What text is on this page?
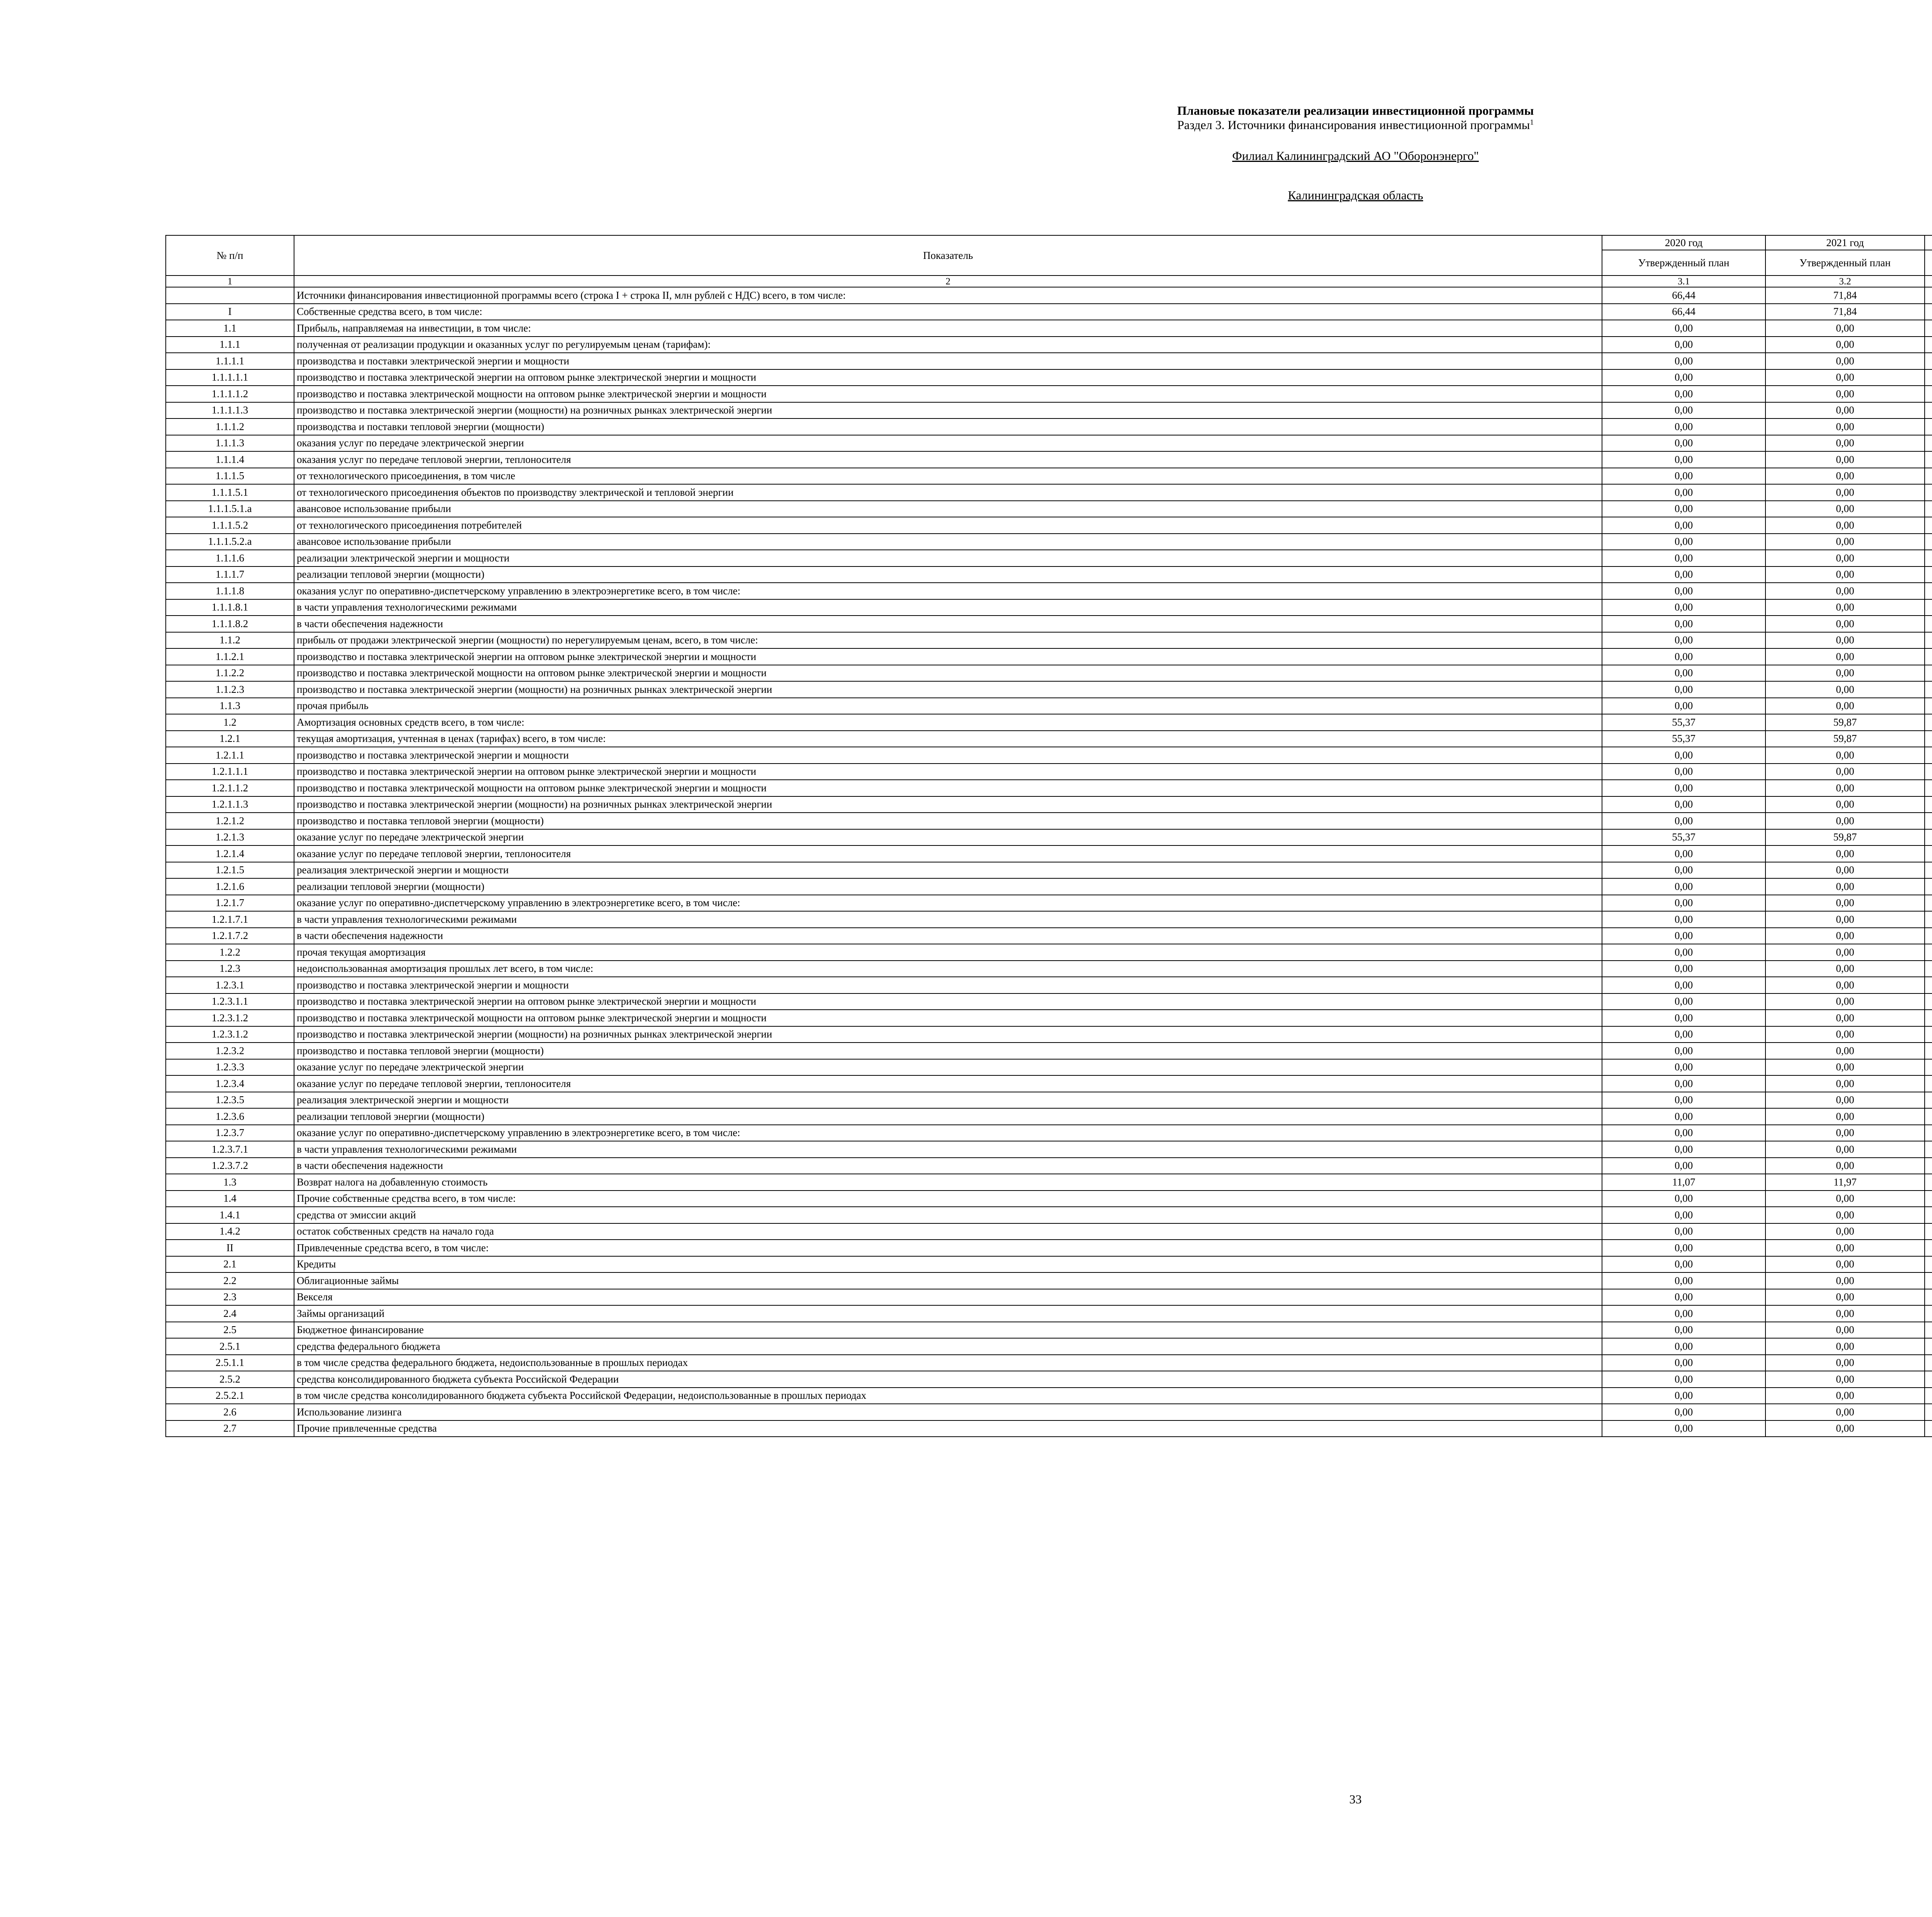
Плановые показатели реализации инвестиционной программы
Раздел 3. Источники финансирования инвестиционной программы$^1$
Филиал Калининградский АО "Оборонэнерго"
Калининградская область
№ п/п	Показатель	2020 год	2021 год				
		Утвержденный план	Утвержденный план				
1	2	3.1	3.2				
	Источники финансирования инвестиционной программы всего (строка I + строка II, млн рублей с НДС) всего, в том числе:	66,44	71,84				
I	Собственные средства всего, в том числе:	66,44	71,84				
1.1	Прибыль, направляемая на инвестиции, в том числе:	0,00	0,00				
1.1.1	полученная от реализации продукции и оказанных услуг по регулируемым ценам (тарифам):	0,00	0,00				
1.1.1.1	производства и поставки электрической энергии и мощности	0,00	0,00				
1.1.1.1.1	производство и поставка электрической энергии на оптовом рынке электрической энергии и мощности	0,00	0,00				
1.1.1.1.2	производство и поставка электрической мощности на оптовом рынке электрической энергии и мощности	0,00	0,00				
1.1.1.1.3	производство и поставка электрической энергии (мощности) на розничных рынках электрической энергии	0,00	0,00				
1.1.1.2	производства и поставки тепловой энергии (мощности)	0,00	0,00				
1.1.1.3	оказания услуг по передаче электрической энергии	0,00	0,00				
1.1.1.4	оказания услуг по передаче тепловой энергии, теплоносителя	0,00	0,00				
1.1.1.5	от технологического присоединения, в том числе	0,00	0,00				
1.1.1.5.1	от технологического присоединения объектов по производству электрической и тепловой энергии	0,00	0,00				
1.1.1.5.1.a	авансовое использование прибыли	0,00	0,00				
1.1.1.5.2	от технологического присоединения потребителей	0,00	0,00				
1.1.1.5.2.a	авансовое использование прибыли	0,00	0,00				
1.1.1.6	реализации электрической энергии и мощности	0,00	0,00				
1.1.1.7	реализации тепловой энергии (мощности)	0,00	0,00				
1.1.1.8	оказания услуг по оперативно-диспетчерскому управлению в электроэнергетике всего, в том числе:	0,00	0,00				
1.1.1.8.1	в части управления технологическими режимами	0,00	0,00				
1.1.1.8.2	в части обеспечения надежности	0,00	0,00				
1.1.2	прибыль от продажи электрической энергии (мощности) по нерегулируемым ценам, всего, в том числе:	0,00	0,00				
1.1.2.1	производство и поставка электрической энергии на оптовом рынке электрической энергии и мощности	0,00	0,00				
1.1.2.2	производство и поставка электрической мощности на оптовом рынке электрической энергии и мощности	0,00	0,00				
1.1.2.3	производство и поставка электрической энергии (мощности) на розничных рынках электрической энергии	0,00	0,00				
1.1.3	прочая прибыль	0,00	0,00				
1.2	Амортизация основных средств всего, в том числе:	55,37	59,87				
1.2.1	текущая амортизация, учтенная в ценах (тарифах) всего, в том числе:	55,37	59,87				
1.2.1.1	производство и поставка электрической энергии и мощности	0,00	0,00				
1.2.1.1.1	производство и поставка электрической энергии на оптовом рынке электрической энергии и мощности	0,00	0,00				
1.2.1.1.2	производство и поставка электрической мощности на оптовом рынке электрической энергии и мощности	0,00	0,00				
1.2.1.1.3	производство и поставка электрической энергии (мощности) на розничных рынках электрической энергии	0,00	0,00				
1.2.1.2	производство и поставка тепловой энергии (мощности)	0,00	0,00				
1.2.1.3	оказание услуг по передаче электрической энергии	55,37	59,87				
1.2.1.4	оказание услуг по передаче тепловой энергии, теплоносителя	0,00	0,00				
1.2.1.5	реализация электрической энергии и мощности	0,00	0,00				
1.2.1.6	реализации тепловой энергии (мощности)	0,00	0,00				
1.2.1.7	оказание услуг по оперативно-диспетчерскому управлению в электроэнергетике всего, в том числе:	0,00	0,00				
1.2.1.7.1	в части управления технологическими режимами	0,00	0,00				
1.2.1.7.2	в части обеспечения надежности	0,00	0,00				
1.2.2	прочая текущая амортизация	0,00	0,00				
1.2.3	недоиспользованная амортизация прошлых лет всего, в том числе:	0,00	0,00				
1.2.3.1	производство и поставка электрической энергии и мощности	0,00	0,00				
1.2.3.1.1	производство и поставка электрической энергии на оптовом рынке электрической энергии и мощности	0,00	0,00				
1.2.3.1.2	производство и поставка электрической мощности на оптовом рынке электрической энергии и мощности	0,00	0,00				
1.2.3.1.2	производство и поставка электрической энергии (мощности) на розничных рынках электрической энергии	0,00	0,00				
1.2.3.2	производство и поставка тепловой энергии (мощности)	0,00	0,00				
1.2.3.3	оказание услуг по передаче электрической энергии	0,00	0,00				
1.2.3.4	оказание услуг по передаче тепловой энергии, теплоносителя	0,00	0,00				
1.2.3.5	реализация электрической энергии и мощности	0,00	0,00				
1.2.3.6	реализации тепловой энергии (мощности)	0,00	0,00				
1.2.3.7	оказание услуг по оперативно-диспетчерскому управлению в электроэнергетике всего, в том числе:	0,00	0,00				
1.2.3.7.1	в части управления технологическими режимами	0,00	0,00				
1.2.3.7.2	в части обеспечения надежности	0,00	0,00				
1.3	Возврат налога на добавленную стоимость	11,07	11,97				
1.4	Прочие собственные средства всего, в том числе:	0,00	0,00				
1.4.1	средства от эмиссии акций	0,00	0,00				
1.4.2	остаток собственных средств на начало года	0,00	0,00				
II	Привлеченные средства всего, в том числе:	0,00	0,00				
2.1	Кредиты	0,00	0,00				
2.2	Облигационные займы	0,00	0,00				
2.3	Векселя	0,00	0,00				
2.4	Займы организаций	0,00	0,00				
2.5	Бюджетное финансирование	0,00	0,00				
2.5.1	средства федерального бюджета	0,00	0,00				
2.5.1.1	в том числе средства федерального бюджета, недоиспользованные в прошлых периодах	0,00	0,00				
2.5.2	средства консолидированного бюджета субъекта Российской Федерации	0,00	0,00				
2.5.2.1	в том числе средства консолидированного бюджета субъекта Российской Федерации, недоиспользованные в прошлых периодах	0,00	0,00				
2.6	Использование лизинга	0,00	0,00				
2.7	Прочие привлеченные средства	0,00	0,00				
33
